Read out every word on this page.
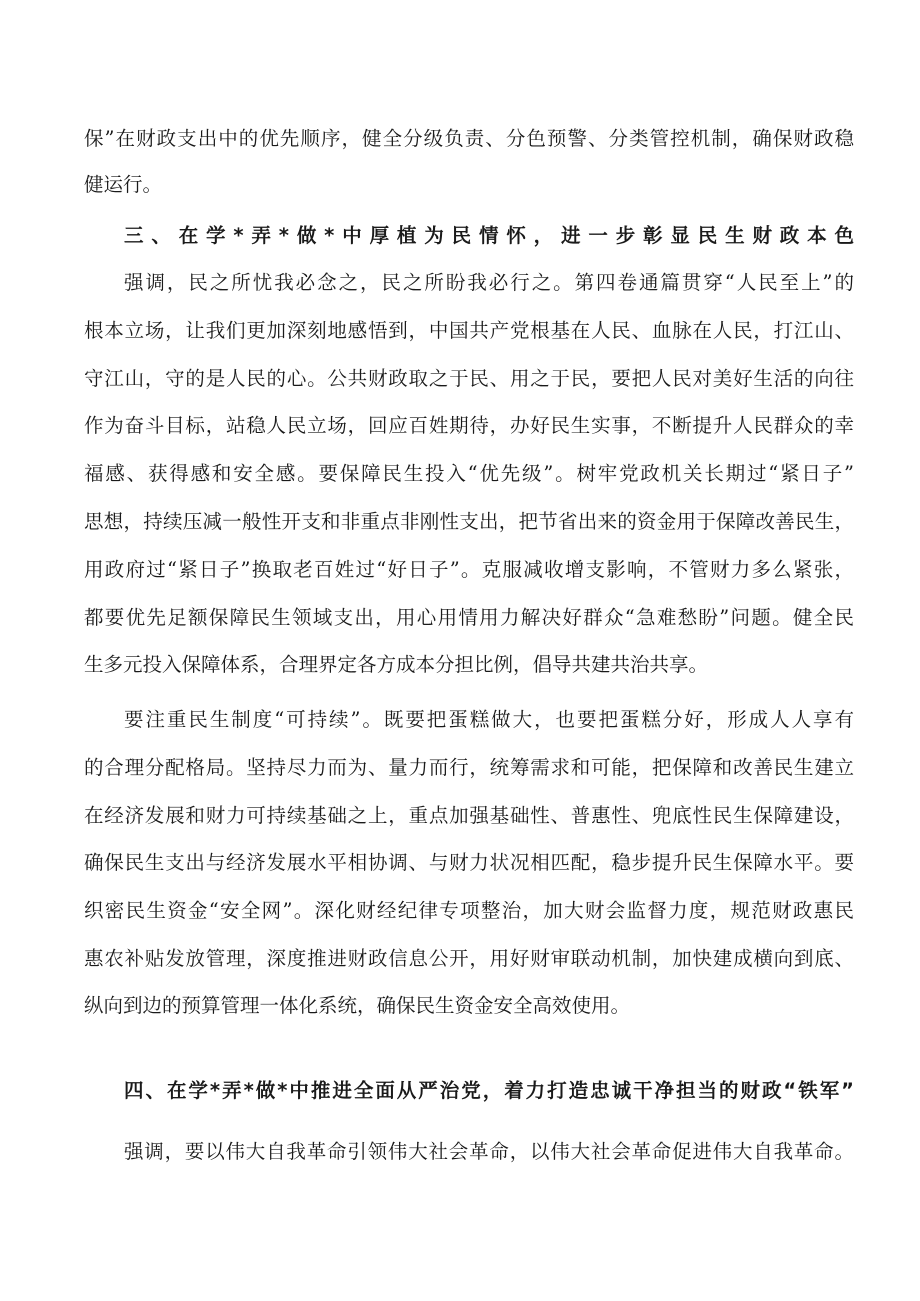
保”在财政支出中的优先顺序，健全分级负责、分色预警、分类管控机制，确保财政稳
健运行。
三、在学*弄*做*中厚植为民情怀，进一步彰显民生财政本色
强调，民之所忧我必念之，民之所盼我必行之。第四卷通篇贯穿“人民至上”的
根本立场，让我们更加深刻地感悟到，中国共产党根基在人民、血脉在人民，打江山、
守江山，守的是人民的心。公共财政取之于民、用之于民，要把人民对美好生活的向往
作为奋斗目标，站稳人民立场，回应百姓期待，办好民生实事，不断提升人民群众的幸
福感、获得感和安全感。要保障民生投入“优先级”。树牢党政机关长期过“紧日子”
思想，持续压减一般性开支和非重点非刚性支出，把节省出来的资金用于保障改善民生，
用政府过“紧日子”换取老百姓过“好日子”。克服减收增支影响，不管财力多么紧张，
都要优先足额保障民生领域支出，用心用情用力解决好群众“急难愁盼”问题。健全民
生多元投入保障体系，合理界定各方成本分担比例，倡导共建共治共享。
要注重民生制度“可持续”。既要把蛋糕做大，也要把蛋糕分好，形成人人享有
的合理分配格局。坚持尽力而为、量力而行，统筹需求和可能，把保障和改善民生建立
在经济发展和财力可持续基础之上，重点加强基础性、普惠性、兜底性民生保障建设，
确保民生支出与经济发展水平相协调、与财力状况相匹配，稳步提升民生保障水平。要
织密民生资金“安全网”。深化财经纪律专项整治，加大财会监督力度，规范财政惠民
惠农补贴发放管理，深度推进财政信息公开，用好财审联动机制，加快建成横向到底、
纵向到边的预算管理一体化系统，确保民生资金安全高效使用。
四、在学*弄*做*中推进全面从严治党，着力打造忠诚干净担当的财政“铁军”
强调，要以伟大自我革命引领伟大社会革命，以伟大社会革命促进伟大自我革命。
